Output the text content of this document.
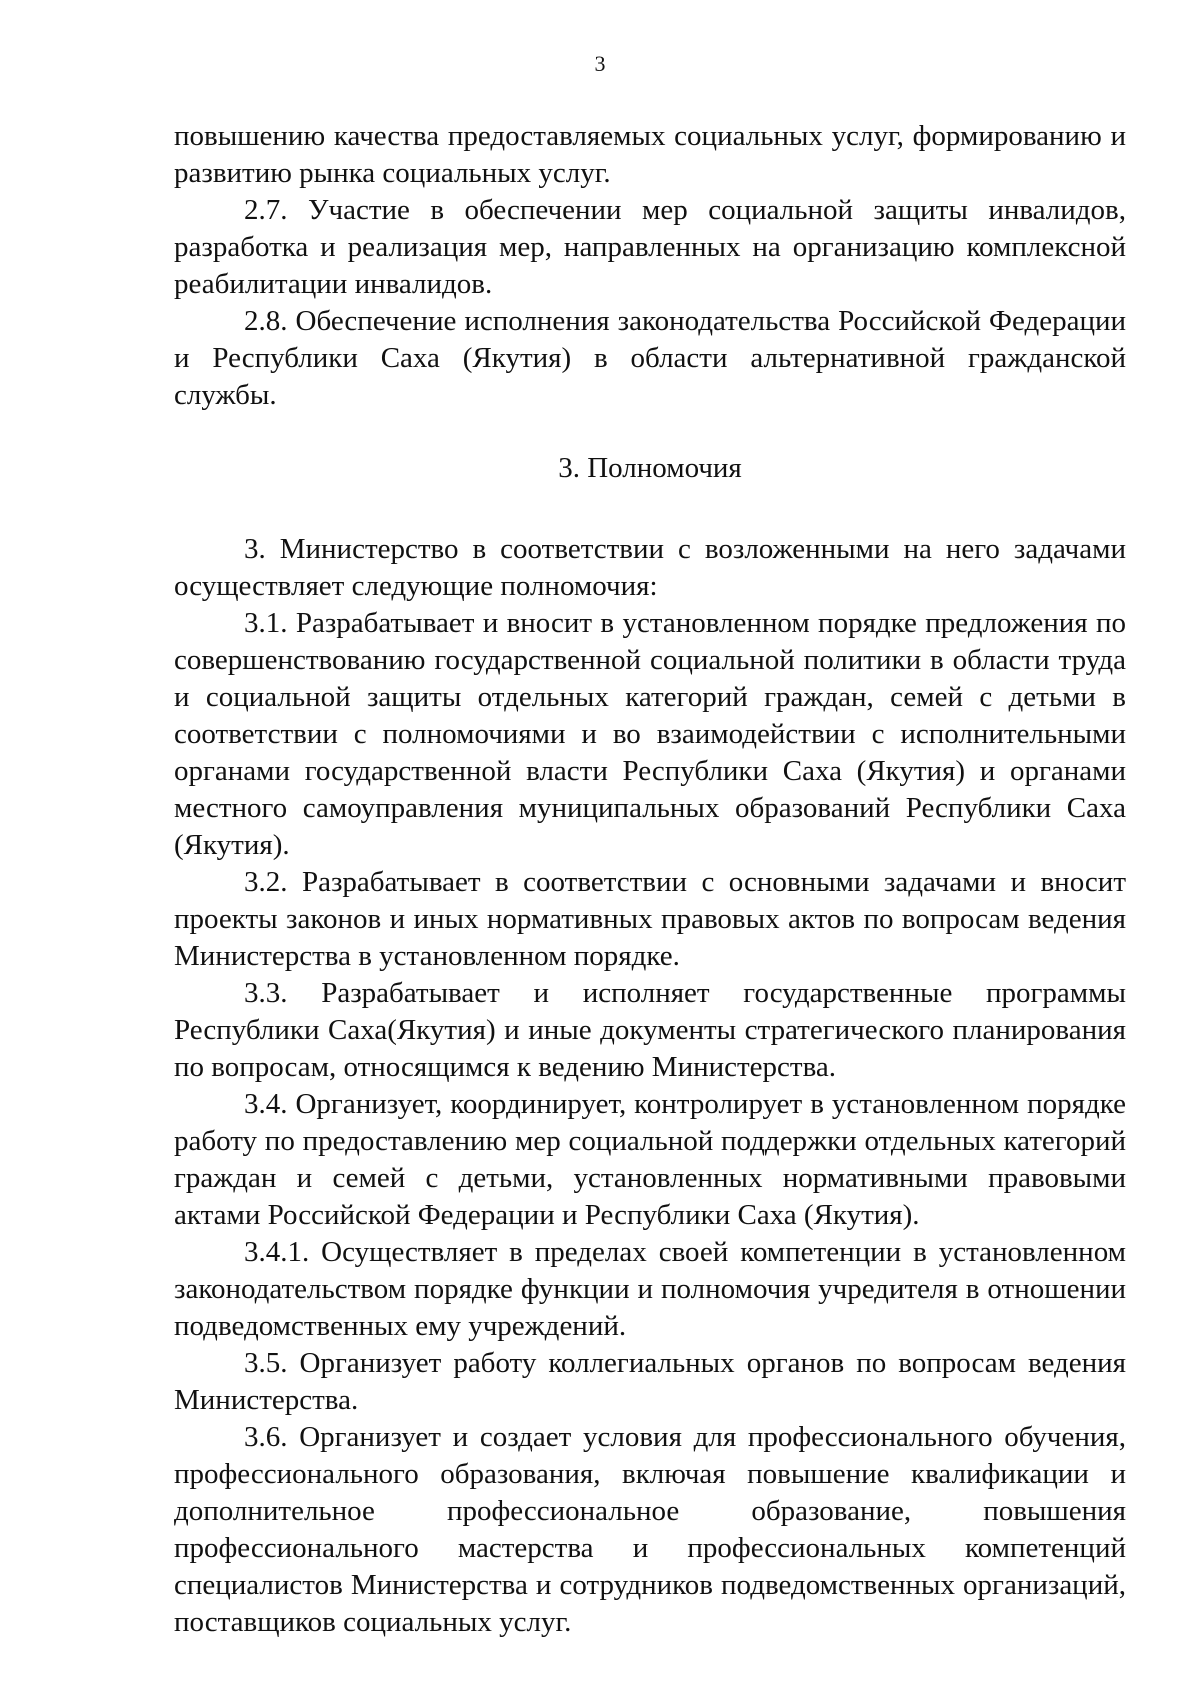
3

повышению качества предоставляемых социальных услуг, формированию и развитию рынка социальных услуг.

2.7. Участие в обеспечении мер социальной защиты инвалидов, разработка и реализация мер, направленных на организацию комплексной реабилитации инвалидов.

2.8. Обеспечение исполнения законодательства Российской Федерации и Республики Саха (Якутия) в области альтернативной гражданской службы.

3. Полномочия

3. Министерство в соответствии с возложенными на него задачами осуществляет следующие полномочия:

3.1. Разрабатывает и вносит в установленном порядке предложения по совершенствованию государственной социальной политики в области труда и социальной защиты отдельных категорий граждан, семей с детьми в соответствии с полномочиями и во взаимодействии с исполнительными органами государственной власти Республики Саха (Якутия) и органами местного самоуправления муниципальных образований Республики Саха (Якутия).

3.2. Разрабатывает в соответствии с основными задачами и вносит проекты законов и иных нормативных правовых актов по вопросам ведения Министерства в установленном порядке.

3.3. Разрабатывает и исполняет государственные программы Республики Саха(Якутия) и иные документы стратегического планирования по вопросам, относящимся к ведению Министерства.

3.4. Организует, координирует, контролирует в установленном порядке работу по предоставлению мер социальной поддержки отдельных категорий граждан и семей с детьми, установленных нормативными правовыми актами Российской Федерации и Республики Саха (Якутия).

3.4.1. Осуществляет в пределах своей компетенции в установленном законодательством порядке функции и полномочия учредителя в отношении подведомственных ему учреждений.

3.5. Организует работу коллегиальных органов по вопросам ведения Министерства.

3.6. Организует и создает условия для профессионального обучения, профессионального образования, включая повышение квалификации и дополнительное профессиональное образование, повышения профессионального мастерства и профессиональных компетенций специалистов Министерства и сотрудников подведомственных организаций, поставщиков социальных услуг.
